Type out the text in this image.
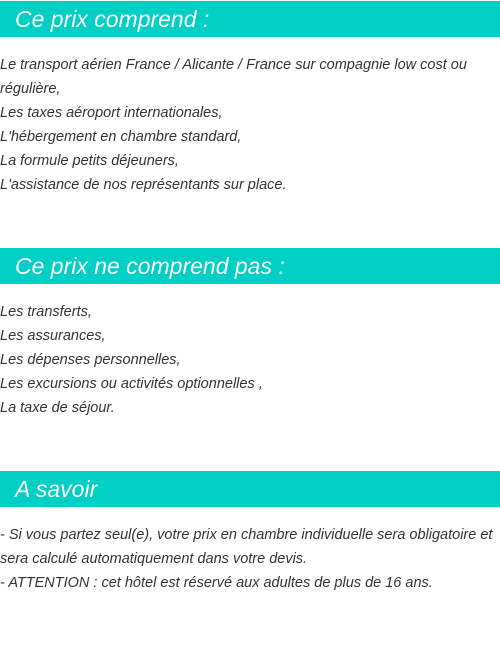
Ce prix comprend :
Le transport aérien France / Alicante / France sur compagnie low cost ou régulière,
Les taxes aéroport internationales,
L'hébergement en chambre standard,
La formule petits déjeuners,
L'assistance de nos représentants sur place.
Ce prix ne comprend pas :
Les transferts,
Les assurances,
Les dépenses personnelles,
Les excursions ou activités optionnelles ,
La taxe de séjour.
A savoir
- Si vous partez seul(e), votre prix en chambre individuelle sera obligatoire et sera calculé automatiquement dans votre devis.
- ATTENTION : cet hôtel est réservé aux adultes de plus de 16 ans.
